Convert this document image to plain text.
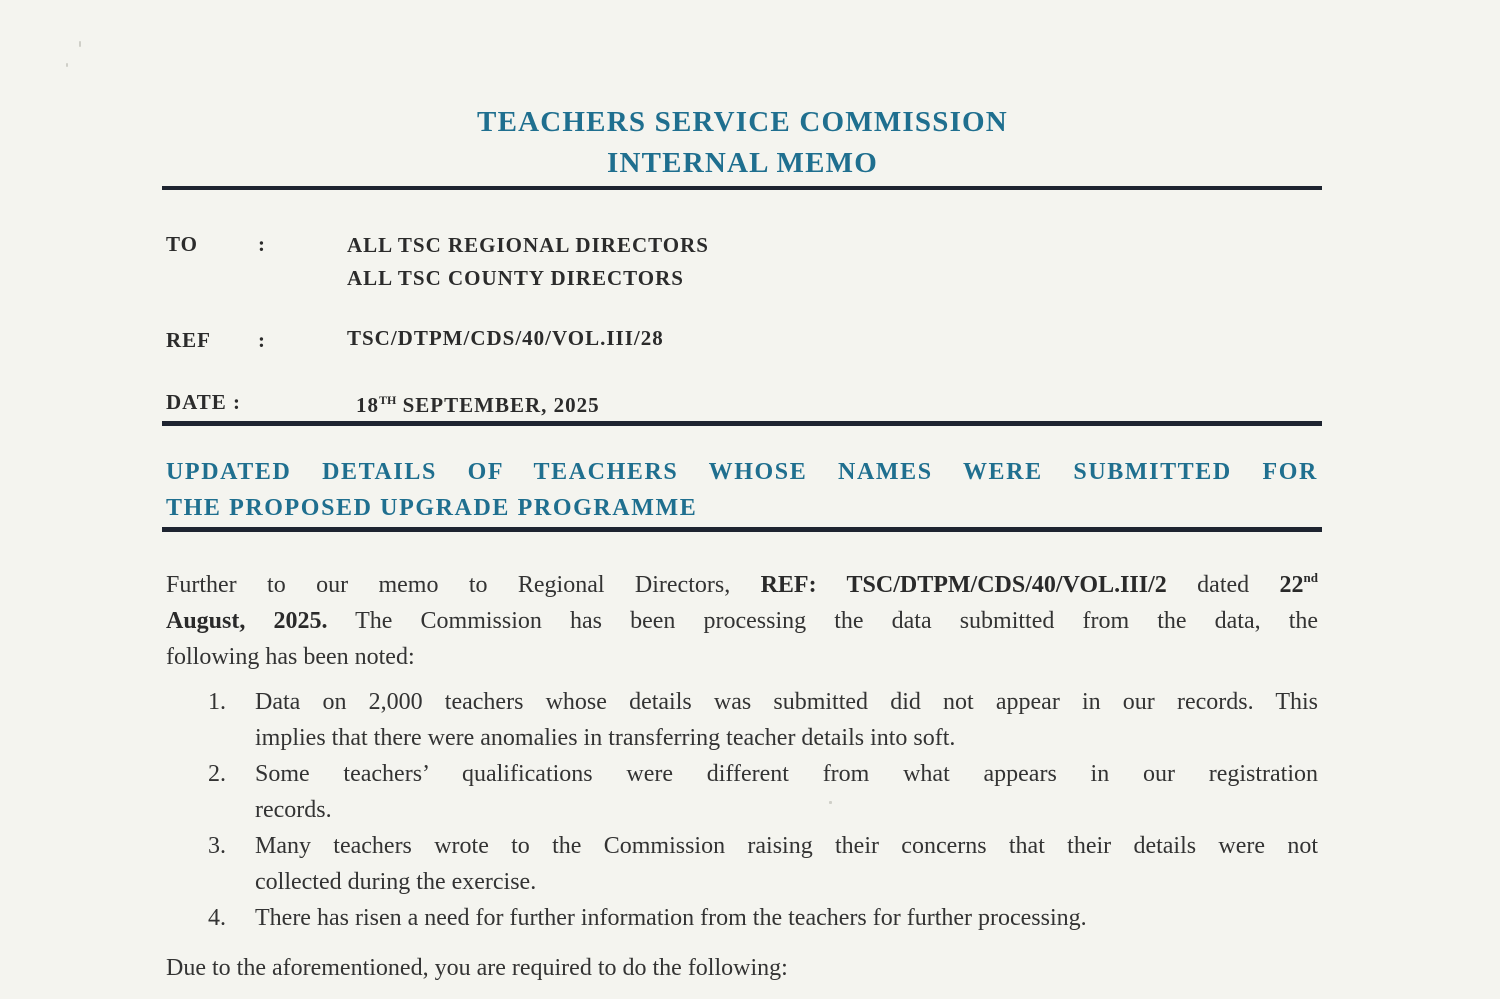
TEACHERS SERVICE COMMISSION
INTERNAL MEMO
TO	:	ALL TSC REGIONAL DIRECTORS
ALL TSC COUNTY DIRECTORS
REF :	TSC/DTPM/CDS/40/VOL.III/28
DATE :	18TH SEPTEMBER, 2025
UPDATED DETAILS OF TEACHERS WHOSE NAMES WERE SUBMITTED FOR
THE PROPOSED UPGRADE PROGRAMME
Further to our memo to Regional Directors, REF: TSC/DTPM/CDS/40/VOL.III/2 dated 22nd
August, 2025. The Commission has been processing the data submitted from the data, the
following has been noted:
1. Data on 2,000 teachers whose details was submitted did not appear in our records. This
implies that there were anomalies in transferring teacher details into soft.
2. Some teachers’ qualifications were different from what appears in our registration
records.
3. Many teachers wrote to the Commission raising their concerns that their details were not
collected during the exercise.
4. There has risen a need for further information from the teachers for further processing.
Due to the aforementioned, you are required to do the following:
